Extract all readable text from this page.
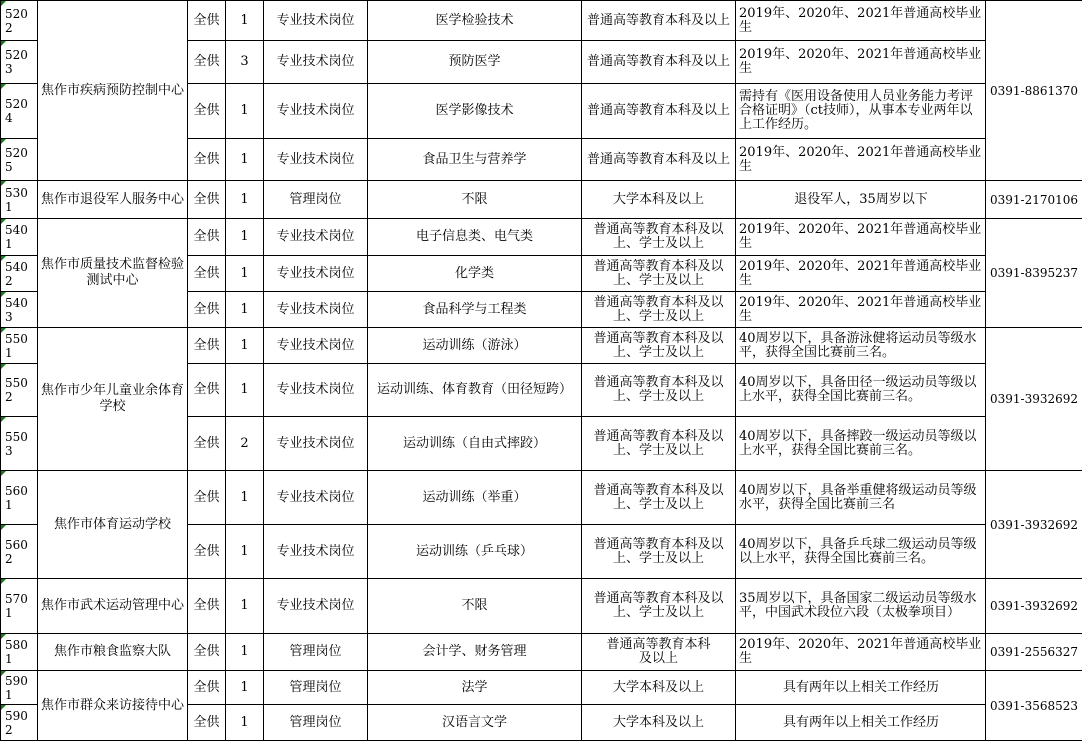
5202	焦作市疾病预防控制中心	全供	1	专业技术岗位	医学检验技术	普通高等教育本科及以上	2019年、2020年、2021年普通高校毕业生	0391-8861370
5203		全供	3	专业技术岗位	预防医学	普通高等教育本科及以上	2019年、2020年、2021年普通高校毕业生	
5204		全供	1	专业技术岗位	医学影像技术	普通高等教育本科及以上	需持有《医用设备使用人员业务能力考评合格证明》（ct技师），从事本专业两年以上工作经历。	
5205		全供	1	专业技术岗位	食品卫生与营养学	普通高等教育本科及以上	2019年、2020年、2021年普通高校毕业生	
5301	焦作市退役军人服务中心	全供	1	管理岗位	不限	大学本科及以上	退役军人，35周岁以下	0391-2170106
5401	焦作市质量技术监督检验测试中心	全供	1	专业技术岗位	电子信息类、电气类	普通高等教育本科及以上、学士及以上	2019年、2020年、2021年普通高校毕业生	0391-8395237
5402		全供	1	专业技术岗位	化学类	普通高等教育本科及以上、学士及以上	2019年、2020年、2021年普通高校毕业生	
5403		全供	1	专业技术岗位	食品科学与工程类	普通高等教育本科及以上、学士及以上	2019年、2020年、2021年普通高校毕业生	
5501	焦作市少年儿童业余体育学校	全供	1	专业技术岗位	运动训练（游泳）	普通高等教育本科及以上、学士及以上	40周岁以下，具备游泳健将运动员等级水平，获得全国比赛前三名。	0391-3932692
5502		全供	1	专业技术岗位	运动训练、体育教育（田径短跨）	普通高等教育本科及以上、学士及以上	40周岁以下，具备田径一级运动员等级以上水平，获得全国比赛前三名。	
5503		全供	2	专业技术岗位	运动训练（自由式摔跤）	普通高等教育本科及以上、学士及以上	40周岁以下，具备摔跤一级运动员等级以上水平，获得全国比赛前三名。	
5601	焦作市体育运动学校	全供	1	专业技术岗位	运动训练（举重）	普通高等教育本科及以上、学士及以上	40周岁以下，具备举重健将级运动员等级水平，获得全国比赛前三名	0391-3932692
5602		全供	1	专业技术岗位	运动训练（乒乓球）	普通高等教育本科及以上、学士及以上	40周岁以下，具备乒乓球二级运动员等级以上水平，获得全国比赛前三名。	
5701	焦作市武术运动管理中心	全供	1	专业技术岗位	不限	普通高等教育本科及以上、学士及以上	35周岁以下，具备国家二级运动员等级水平，中国武术段位六段（太极拳项目）	0391-3932692
5801	焦作市粮食监察大队	全供	1	管理岗位	会计学、财务管理	普通高等教育本科及以上	2019年、2020年、2021年普通高校毕业生	0391-2556327
5901	焦作市群众来访接待中心	全供	1	管理岗位	法学	大学本科及以上	具有两年以上相关工作经历	0391-3568523
5902		全供	1	管理岗位	汉语言文学	大学本科及以上	具有两年以上相关工作经历	
